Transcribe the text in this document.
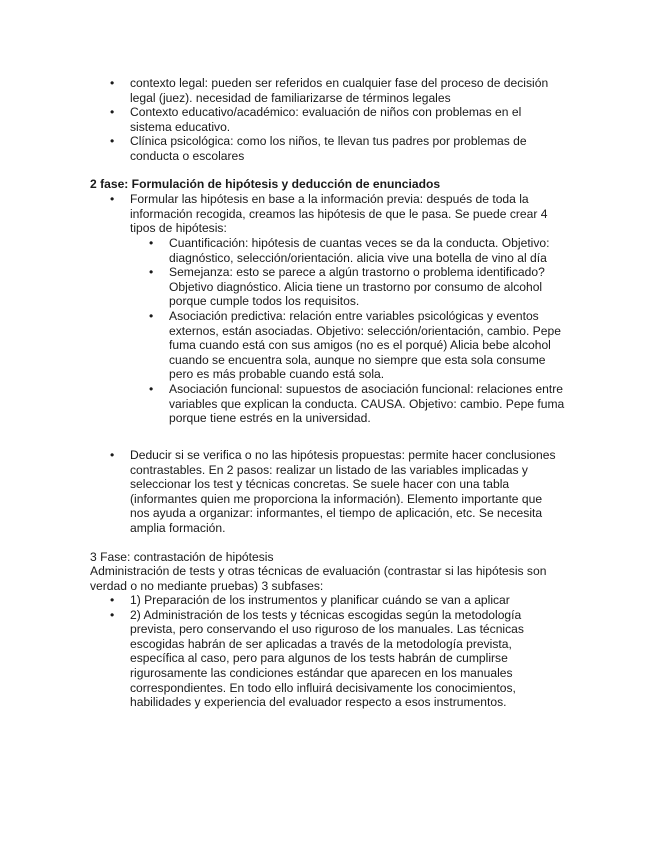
• contexto legal: pueden ser referidos en cualquier fase del proceso de decisión legal (juez). necesidad de familiarizarse de términos legales
• Contexto educativo/académico: evaluación de niños con problemas en el sistema educativo.
• Clínica psicológica: como los niños, te llevan tus padres por problemas de conducta o escolares
2 fase: Formulación de hipótesis y deducción de enunciados
• Formular las hipótesis en base a la información previa: después de toda la información recogida, creamos las hipótesis de que le pasa. Se puede crear 4 tipos de hipótesis:
• Cuantificación: hipótesis de cuantas veces se da la conducta. Objetivo: diagnóstico, selección/orientación. alicia vive una botella de vino al día
• Semejanza: esto se parece a algún trastorno o problema identificado? Objetivo diagnóstico. Alicia tiene un trastorno por consumo de alcohol porque cumple todos los requisitos.
• Asociación predictiva: relación entre variables psicológicas y eventos externos, están asociadas. Objetivo: selección/orientación, cambio. Pepe fuma cuando está con sus amigos (no es el porqué) Alicia bebe alcohol cuando se encuentra sola, aunque no siempre que esta sola consume pero es más probable cuando está sola.
• Asociación funcional: supuestos de asociación funcional: relaciones entre variables que explican la conducta. CAUSA. Objetivo: cambio. Pepe fuma porque tiene estrés en la universidad.
• Deducir si se verifica o no las hipótesis propuestas: permite hacer conclusiones contrastables. En 2 pasos: realizar un listado de las variables implicadas y seleccionar los test y técnicas concretas. Se suele hacer con una tabla (informantes quien me proporciona la información). Elemento importante que nos ayuda a organizar: informantes, el tiempo de aplicación, etc. Se necesita amplia formación.
3 Fase: contrastación de hipótesis
Administración de tests y otras técnicas de evaluación (contrastar si las hipótesis son verdad o no mediante pruebas) 3 subfases:
• 1) Preparación de los instrumentos y planificar cuándo se van a aplicar
• 2) Administración de los tests y técnicas escogidas según la metodología prevista, pero conservando el uso riguroso de los manuales. Las técnicas escogidas habrán de ser aplicadas a través de la metodología prevista, específica al caso, pero para algunos de los tests habrán de cumplirse rigurosamente las condiciones estándar que aparecen en los manuales correspondientes. En todo ello influirá decisivamente los conocimientos, habilidades y experiencia del evaluador respecto a esos instrumentos.
